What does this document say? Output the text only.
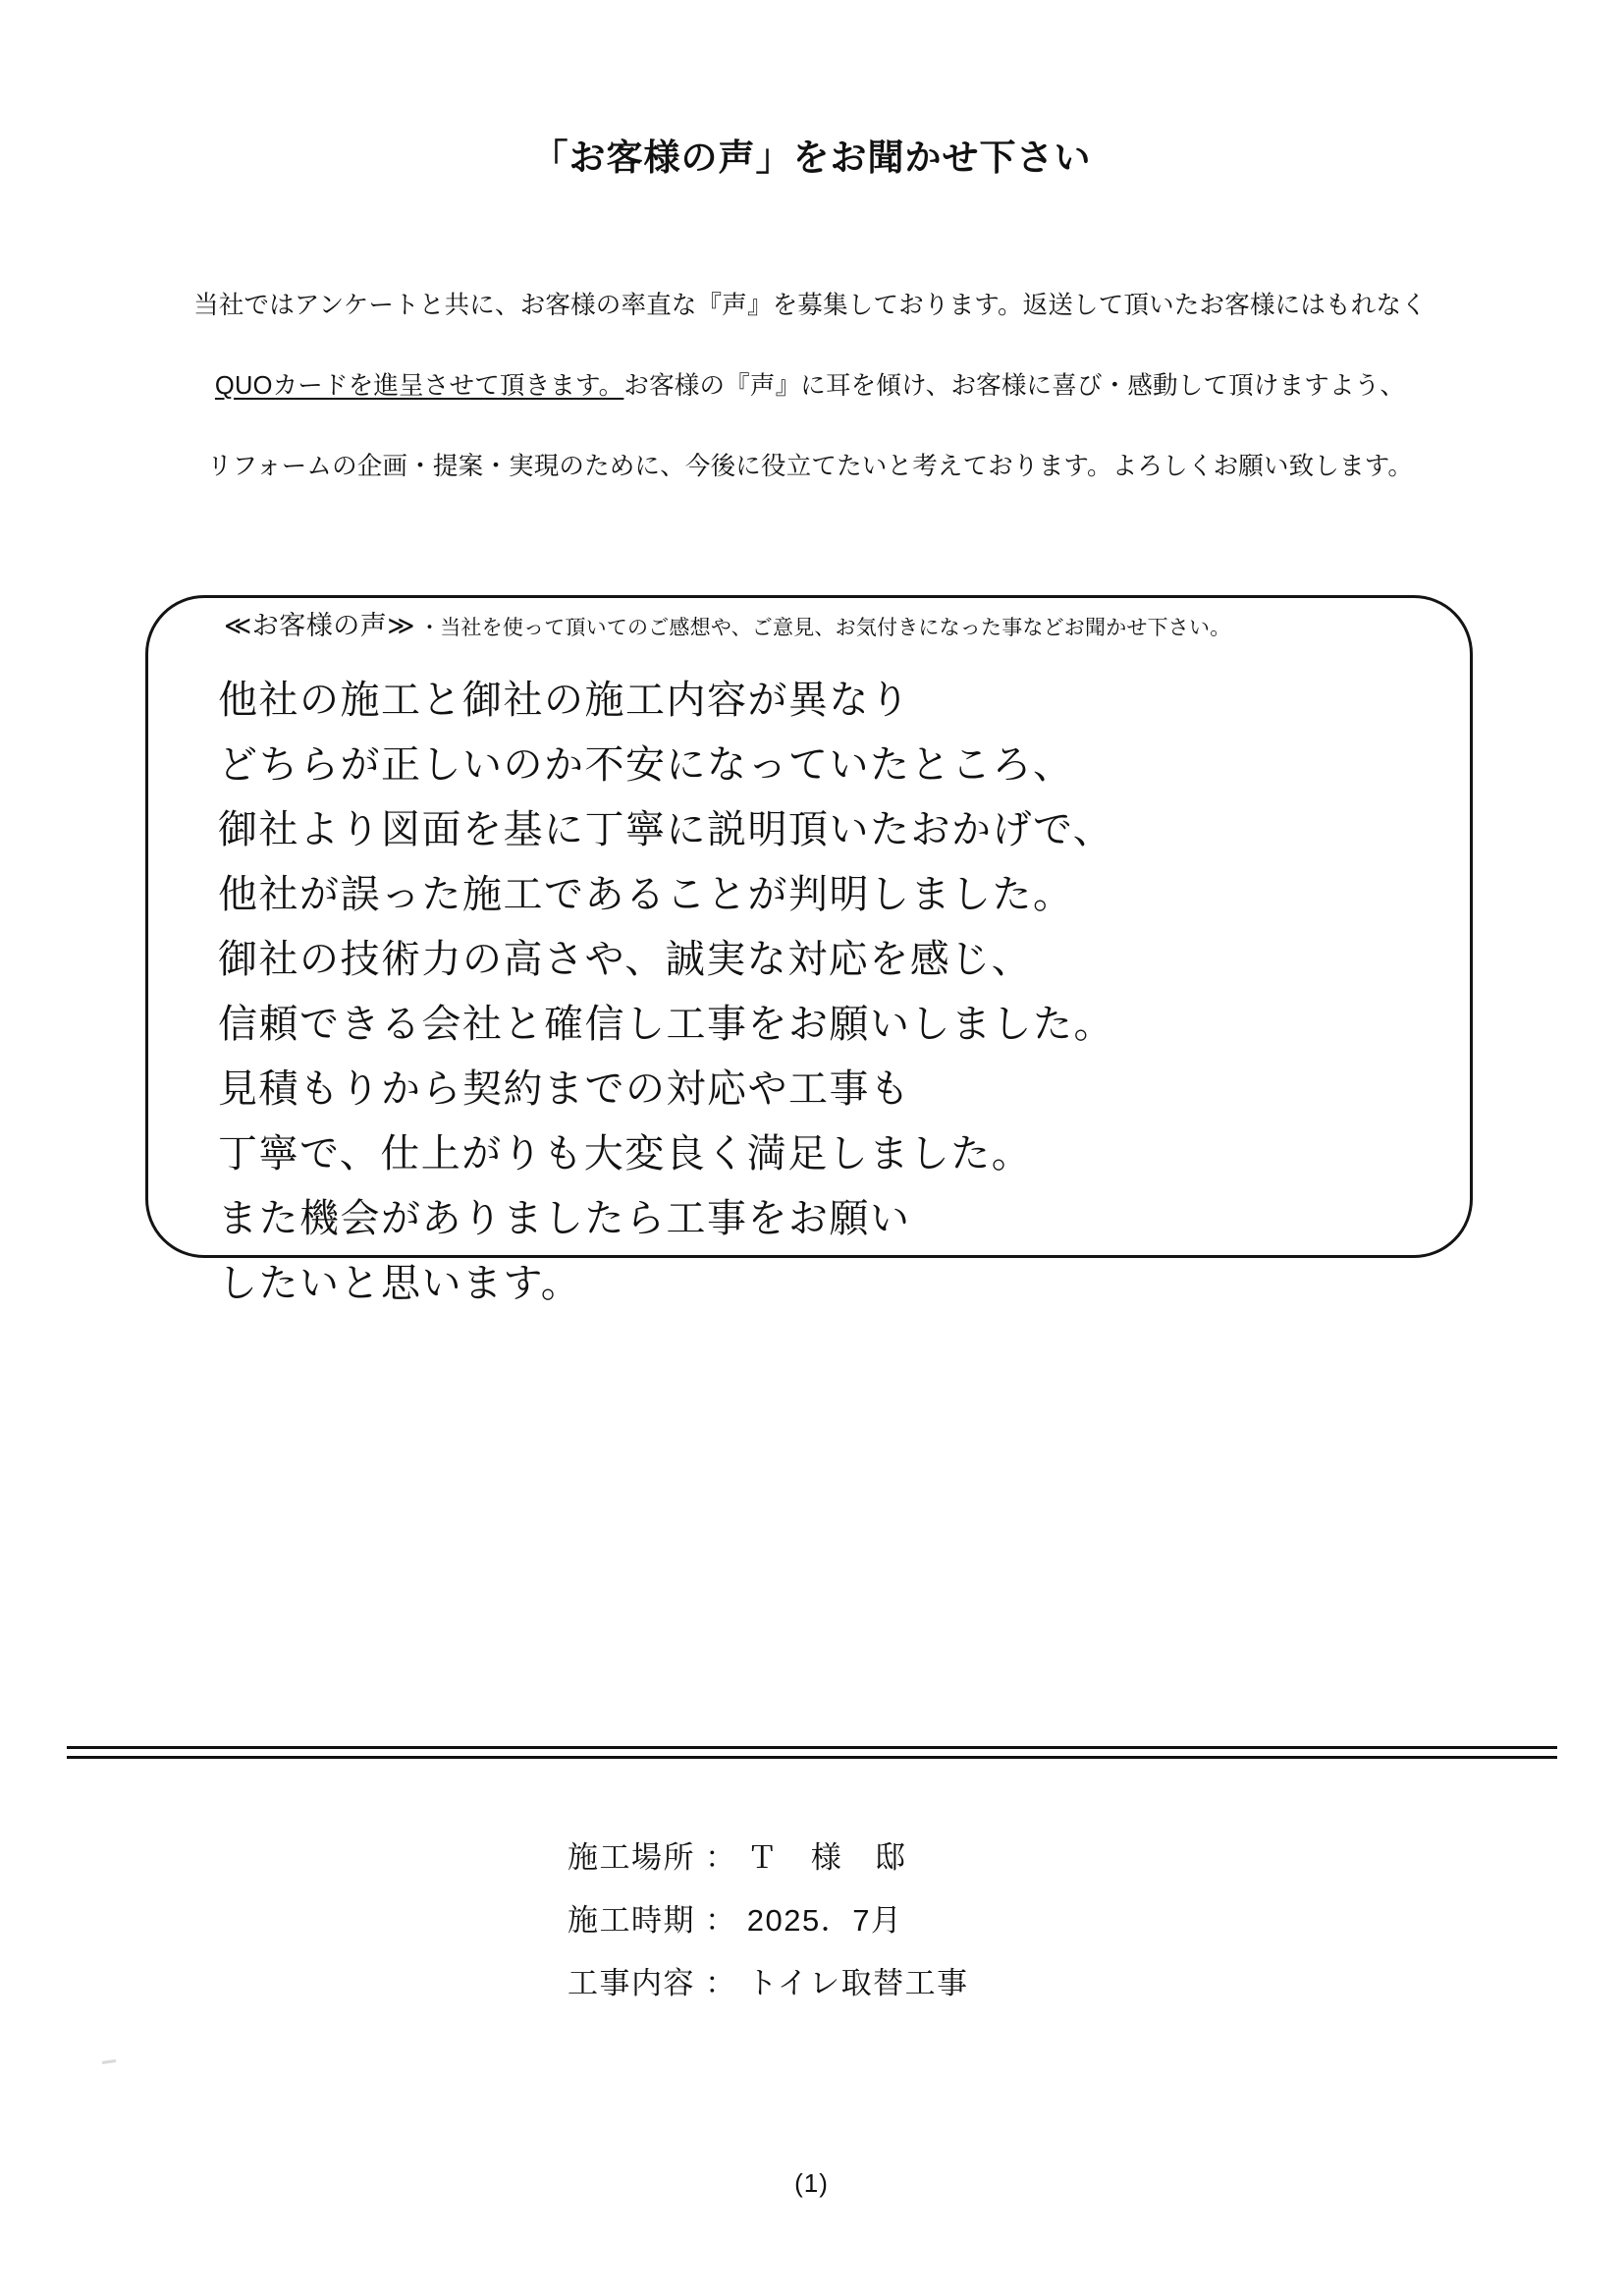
「お客様の声」をお聞かせ下さい
当社ではアンケートと共に、お客様の率直な『声』を募集しております。返送して頂いたお客様にはもれなく
QUOカードを進呈させて頂きます。お客様の『声』に耳を傾け、お客様に喜び・感動して頂けますよう、
リフォームの企画・提案・実現のために、今後に役立てたいと考えております。よろしくお願い致します。
≪お客様の声≫ ・当社を使って頂いてのご感想や、ご意見、お気付きになった事などお聞かせ下さい。
他社の施工と御社の施工内容が異なり
どちらが正しいのか不安になっていたところ、
御社より図面を基に丁寧に説明頂いたおかげで、
他社が誤った施工であることが判明しました。
御社の技術力の高さや、誠実な対応を感じ、
信頼できる会社と確信し工事をお願いしました。
見積もりから契約までの対応や工事も
丁寧で、仕上がりも大変良く満足しました。
また機会がありましたら工事をお願い
したいと思います。
施工場所 ： Ｔ　様　邸
施工時期 ： 2025．7月
工事内容 ： トイレ取替工事
(1)
